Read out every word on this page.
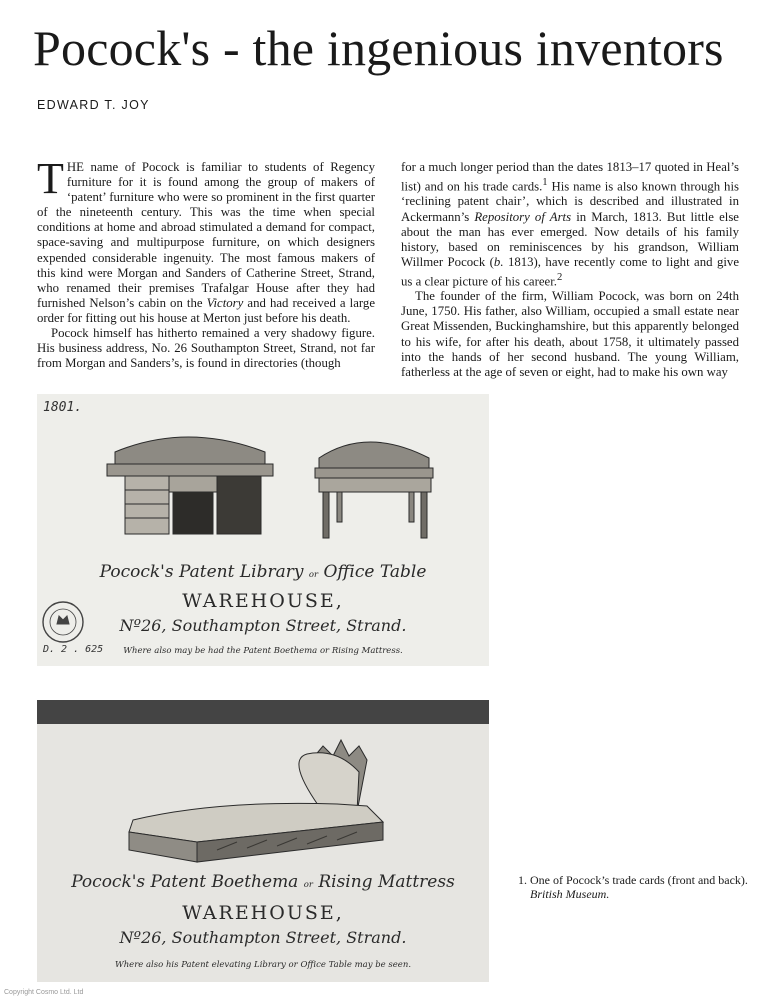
Pocock's - the ingenious inventors
EDWARD T. JOY

THE name of Pocock is familiar to students of Regency furniture for it is found among the group of makers of ‘patent’ furniture who were so prominent in the first quarter of the nineteenth century. This was the time when special conditions at home and abroad stimulated a demand for compact, space-saving and multipurpose furniture, on which designers expended considerable ingenuity. The most famous makers of this kind were Morgan and Sanders of Catherine Street, Strand, who renamed their premises Trafalgar House after they had furnished Nelson’s cabin on the Victory and had received a large order for fitting out his house at Merton just before his death.

Pocock himself has hitherto remained a very shadowy figure. His business address, No. 26 Southampton Street, Strand, not far from Morgan and Sanders’s, is found in directories (though

for a much longer period than the dates 1813–17 quoted in Heal’s list) and on his trade cards.$^1$ His name is also known through his ‘reclining patent chair’, which is described and illustrated in Ackermann’s Repository of Arts in March, 1813. But little else about the man has ever emerged. Now details of his family history, based on reminiscences by his grandson, William Willmer Pocock (b. 1813), have recently come to light and give us a clear picture of his career.$^2$

The founder of the firm, William Pocock, was born on 24th June, 1750. His father, also William, occupied a small estate near Great Missenden, Buckinghamshire, but this apparently belonged to his wife, for after his death, about 1758, it ultimately passed into the hands of her second husband. The young William, fatherless at the age of seven or eight, had to make his own way

1801.
Pocock's Patent Library or Office Table
WAREHOUSE,
Nº26, Southampton Street, Strand.
Where also may be had the Patent Boethema or Rising Mattress.
D. 2 . 625
Pocock's Patent Boethema or Rising Mattress
WAREHOUSE,
Nº26, Southampton Street, Strand.
Where also his Patent elevating Library or Office Table may be seen.
1. One of Pocock’s trade cards (front and back).
British Museum.
Copyright Cosmo Ltd. Ltd
